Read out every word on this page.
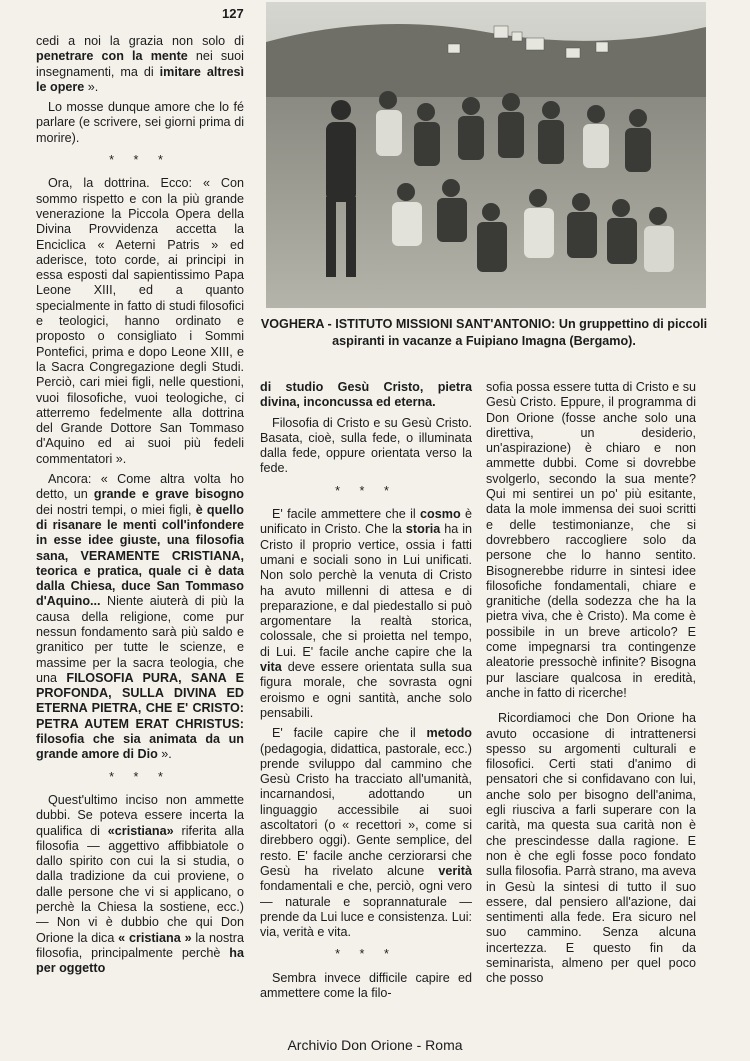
127

cedi a noi la grazia non solo di penetrare con la mente nei suoi insegnamenti, ma di imitare altresì le opere ».

Lo mosse dunque amore che lo fé parlare (e scrivere, sei giorni prima di morire).

* * *

Ora, la dottrina. Ecco: « Con sommo rispetto e con la più grande venerazione la Piccola Opera della Divina Provvidenza accetta la Enciclica « Aeterni Patris » ed aderisce, toto corde, ai principi in essa esposti dal sapientissimo Papa Leone XIII, ed a quanto specialmente in fatto di studi filosofici e teologici, hanno ordinato e proposto o consigliato i Sommi Pontefici, prima e dopo Leone XIII, e la Sacra Congregazione degli Studi. Perciò, cari miei figli, nelle questioni, vuoi filosofiche, vuoi teologiche, ci atterremo fedelmente alla dottrina del Grande Dottore San Tommaso d'Aquino ed ai suoi più fedeli commentatori ».

Ancora: « Come altra volta ho detto, un grande e grave bisogno dei nostri tempi, o miei figli, è quello di risanare le menti coll'infondere in esse idee giuste, una filosofia sana, VERAMENTE CRISTIANA, teorica e pratica, quale ci è data dalla Chiesa, duce San Tommaso d'Aquino... Niente aiuterà di più la causa della religione, come pur nessun fondamento sarà più saldo e granitico per tutte le scienze, e massime per la sacra teologia, che una FILOSOFIA PURA, SANA E PROFONDA, SULLA DIVINA ED ETERNA PIETRA, CHE E' CRISTO: PETRA AUTEM ERAT CHRISTUS: filosofia che sia animata da un grande amore di Dio ».

* * *

Quest'ultimo inciso non ammette dubbi. Se poteva essere incerta la qualifica di «cristiana» riferita alla filosofia — aggettivo affibbiatole o dallo spirito con cui la si studia, o dalla tradizione da cui proviene, o dalle persone che vi si applicano, o perchè la Chiesa la sostiene, ecc.) — Non vi è dubbio che qui Don Orione la dica « cristiana » la nostra filosofia, principalmente perchè ha per oggetto

VOGHERA - ISTITUTO MISSIONI SANT'ANTONIO: Un gruppettino di piccoli aspiranti in vacanze a Fuipiano Imagna (Bergamo).

di studio Gesù Cristo, pietra divina, inconcussa ed eterna.

Filosofia di Cristo e su Gesù Cristo. Basata, cioè, sulla fede, o illuminata dalla fede, oppure orientata verso la fede.

* * *

E' facile ammettere che il cosmo è unificato in Cristo. Che la storia ha in Cristo il proprio vertice, ossia i fatti umani e sociali sono in Lui unificati. Non solo perchè la venuta di Cristo ha avuto millenni di attesa e di preparazione, e dal piedestallo si può argomentare la realtà storica, colossale, che si proietta nel tempo, di Lui. E' facile anche capire che la vita deve essere orientata sulla sua figura morale, che sovrasta ogni eroismo e ogni santità, anche solo pensabili.

E' facile capire che il metodo (pedagogia, didattica, pastorale, ecc.) prende sviluppo dal cammino che Gesù Cristo ha tracciato all'umanità, incarnandosi, adottando un linguaggio accessibile ai suoi ascoltatori (o « recettori », come si direbbero oggi). Gente semplice, del resto. E' facile anche cerziorarsi che Gesù ha rivelato alcune verità fondamentali e che, perciò, ogni vero — naturale e soprannaturale — prende da Lui luce e consistenza. Lui: via, verità e vita.

* * *

Sembra invece difficile capire ed ammettere come la filo-

sofia possa essere tutta di Cristo e su Gesù Cristo. Eppure, il programma di Don Orione (fosse anche solo una direttiva, un desiderio, un'aspirazione) è chiaro e non ammette dubbi. Come si dovrebbe svolgerlo, secondo la sua mente? Qui mi sentirei un po' più esitante, data la mole immensa dei suoi scritti e delle testimonianze, che si dovrebbero raccogliere solo da persone che lo hanno sentito. Bisognerebbe ridurre in sintesi idee filosofiche fondamentali, chiare e granitiche (della sodezza che ha la pietra viva, che è Cristo). Ma come è possibile in un breve articolo? E come impegnarsi tra contingenze aleatorie pressochè infinite? Bisogna pur lasciare qualcosa in eredità, anche in fatto di ricerche!

Ricordiamoci che Don Orione ha avuto occasione di intrattenersi spesso su argomenti culturali e filosofici. Certi stati d'animo di pensatori che si confidavano con lui, anche solo per bisogno dell'anima, egli riusciva a farli superare con la carità, ma questa sua carità non è che prescindesse dalla ragione. E non è che egli fosse poco fondato sulla filosofia. Parrà strano, ma aveva in Gesù la sintesi di tutto il suo essere, dal pensiero all'azione, dai sentimenti alla fede. Era sicuro nel suo cammino. Senza alcuna incertezza. E questo fin da seminarista, almeno per quel poco che posso

Archivio Don Orione - Roma
